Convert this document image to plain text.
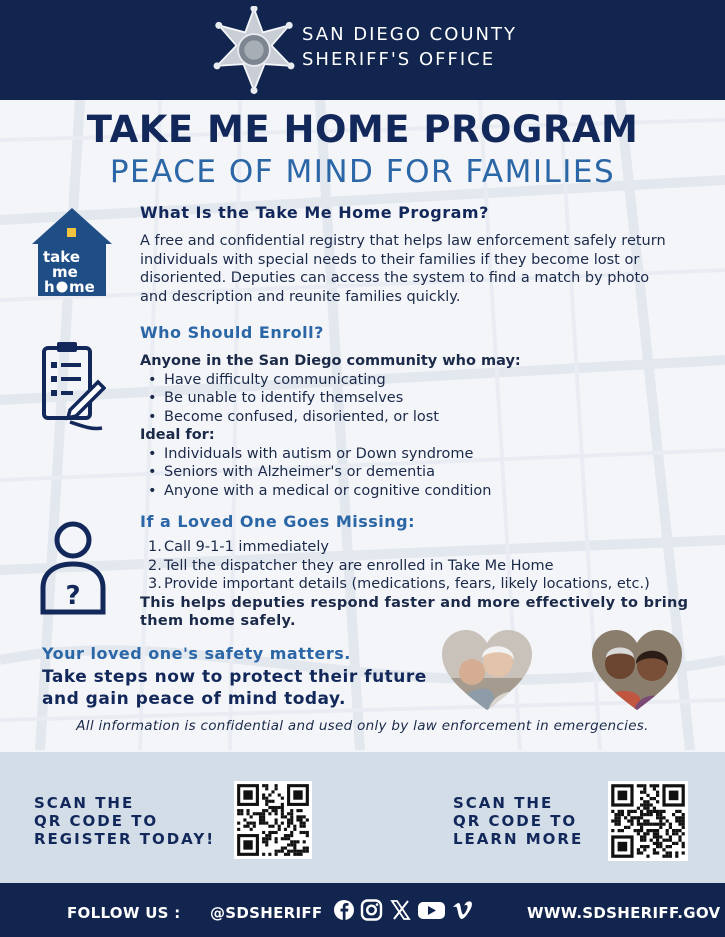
SAN DIEGO COUNTY
SHERIFF'S OFFICE
TAKE ME HOME PROGRAM
PEACE OF MIND FOR FAMILIES
take
me
h me
What Is the Take Me Home Program?
A free and confidential registry that helps law enforcement safely return individuals with special needs to their families if they become lost or disoriented. Deputies can access the system to find a match by photo and description and reunite families quickly.
Who Should Enroll?
Anyone in the San Diego community who may:
• Have difficulty communicating
• Be unable to identify themselves
• Become confused, disoriented, or lost
Ideal for:
• Individuals with autism or Down syndrome
• Seniors with Alzheimer's or dementia
• Anyone with a medical or cognitive condition
?
If a Loved One Goes Missing:
1. Call 9-1-1 immediately
2. Tell the dispatcher they are enrolled in Take Me Home
3. Provide important details (medications, fears, likely locations, etc.)
This helps deputies respond faster and more effectively to bring them home safely.
Your loved one's safety matters.
Take steps now to protect their future and gain peace of mind today.
All information is confidential and used only by law enforcement in emergencies.
SCAN THE
QR CODE TO
REGISTER TODAY!
SCAN THE
QR CODE TO
LEARN MORE
FOLLOW US : @SDSHERIFF	WWW.SDSHERIFF.GOV
